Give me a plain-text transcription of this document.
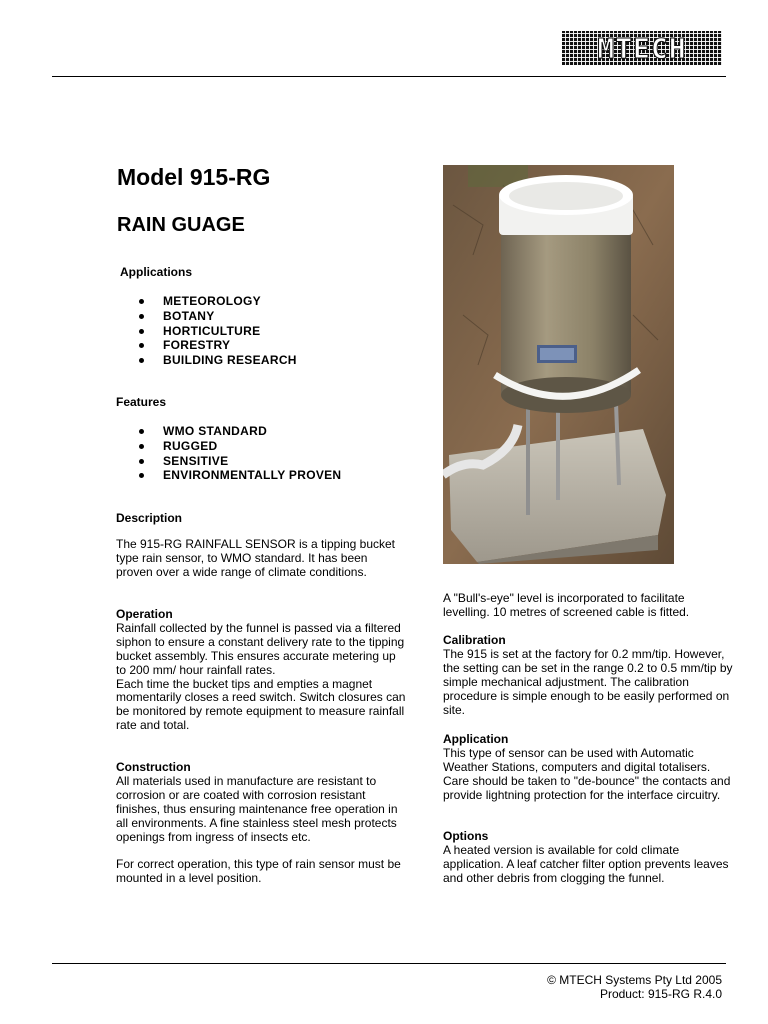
MTECH
Model 915-RG
RAIN GUAGE
Applications
METEOROLOGY
BOTANY
HORTICULTURE
FORESTRY
BUILDING RESEARCH
Features
WMO STANDARD
RUGGED
SENSITIVE
ENVIRONMENTALLY PROVEN
Description

The 915-RG RAINFALL SENSOR is a tipping bucket type rain sensor, to WMO standard. It has been proven over a wide range of climate conditions.

Operation
Rainfall collected by the funnel is passed via a filtered siphon to ensure a constant delivery rate to the tipping bucket assembly. This ensures accurate metering up to 200 mm/ hour rainfall rates.
Each time the bucket tips and empties a magnet momentarily closes a reed switch. Switch closures can be monitored by remote equipment to measure rainfall rate and total.
Construction
All materials used in manufacture are resistant to corrosion or are coated with corrosion resistant finishes, thus ensuring maintenance free operation in all environments. A fine stainless steel mesh protects openings from ingress of insects etc.
For correct operation, this type of rain sensor must be mounted in a level position.

A "Bull's-eye" level is incorporated to facilitate levelling. 10 metres of screened cable is fitted.

Calibration
The 915 is set at the factory for 0.2 mm/tip. However, the setting can be set in the range 0.2 to 0.5 mm/tip by simple mechanical adjustment. The calibration procedure is simple enough to be easily performed on site.
Application
This type of sensor can be used with Automatic Weather Stations, computers and digital totalisers. Care should be taken to "de-bounce" the contacts and provide lightning protection for the interface circuitry.
Options
A heated version is available for cold climate application. A leaf catcher filter option prevents leaves and other debris from clogging the funnel.
© MTECH Systems Pty Ltd 2005
Product: 915-RG R.4.0
